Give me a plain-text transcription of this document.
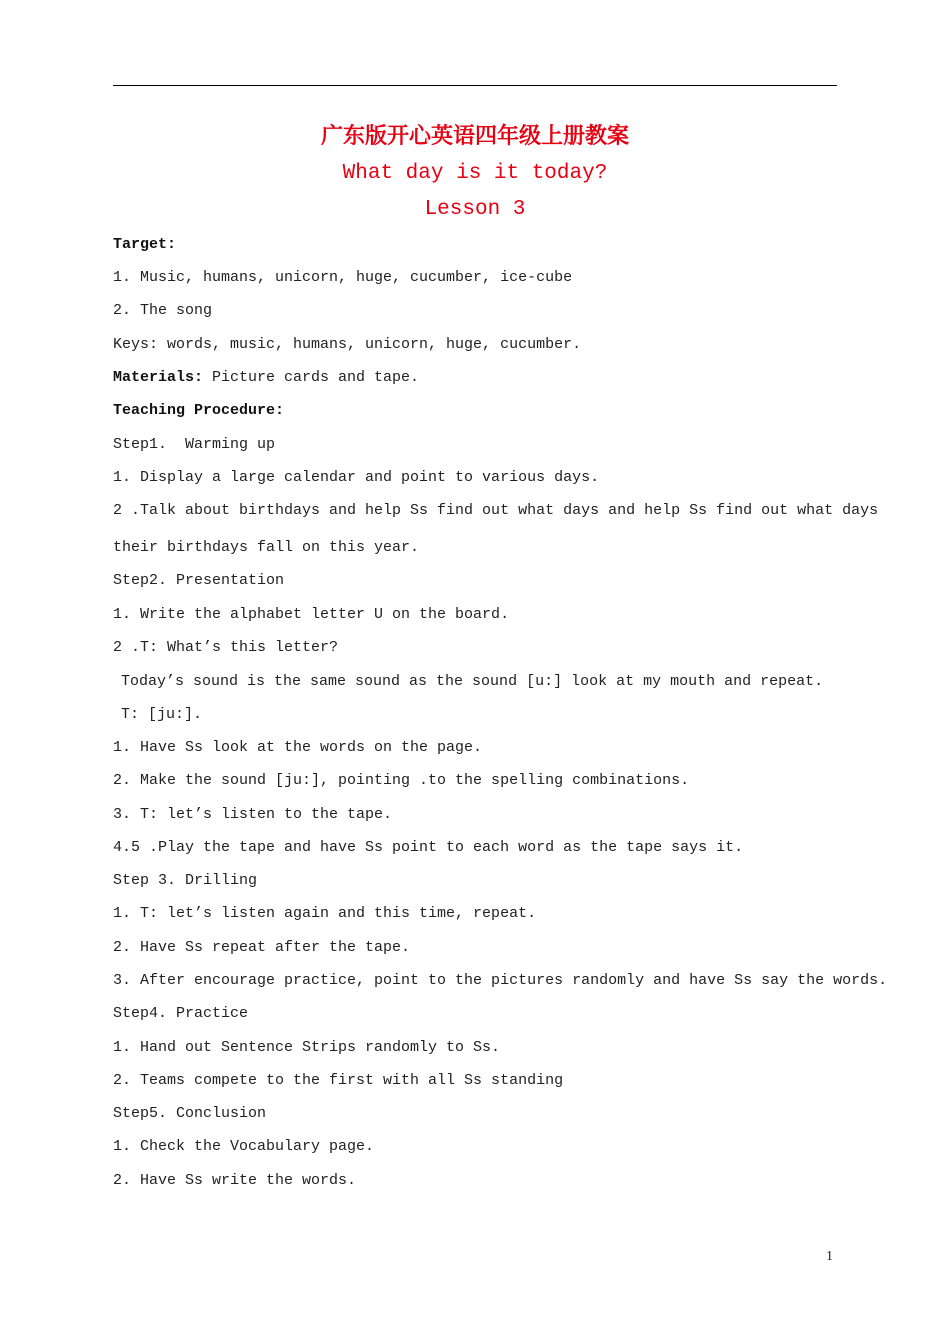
广东版开心英语四年级上册教案
What day is it today?
Lesson 3
Target:
1. Music, humans, unicorn, huge, cucumber, ice-cube
2. The song
Keys: words, music, humans, unicorn, huge, cucumber.
Materials: Picture cards and tape.
Teaching Procedure:
Step1.  Warming up
1. Display a large calendar and point to various days.
2 .Talk about birthdays and help Ss find out what days and help Ss find out what days
their birthdays fall on this year.
Step2. Presentation
1. Write the alphabet letter U on the board.
2 .T: What’s this letter?
Today’s sound is the same sound as the sound [u:] look at my mouth and repeat.
T: [ju:].
1. Have Ss look at the words on the page.
2. Make the sound [ju:], pointing .to the spelling combinations.
3. T: let’s listen to the tape.
4.5 .Play the tape and have Ss point to each word as the tape says it.
Step 3. Drilling
1. T: let’s listen again and this time, repeat.
2. Have Ss repeat after the tape.
3. After encourage practice, point to the pictures randomly and have Ss say the words.
Step4. Practice
1. Hand out Sentence Strips randomly to Ss.
2. Teams compete to the first with all Ss standing
Step5. Conclusion
1. Check the Vocabulary page.
2. Have Ss write the words.
1
